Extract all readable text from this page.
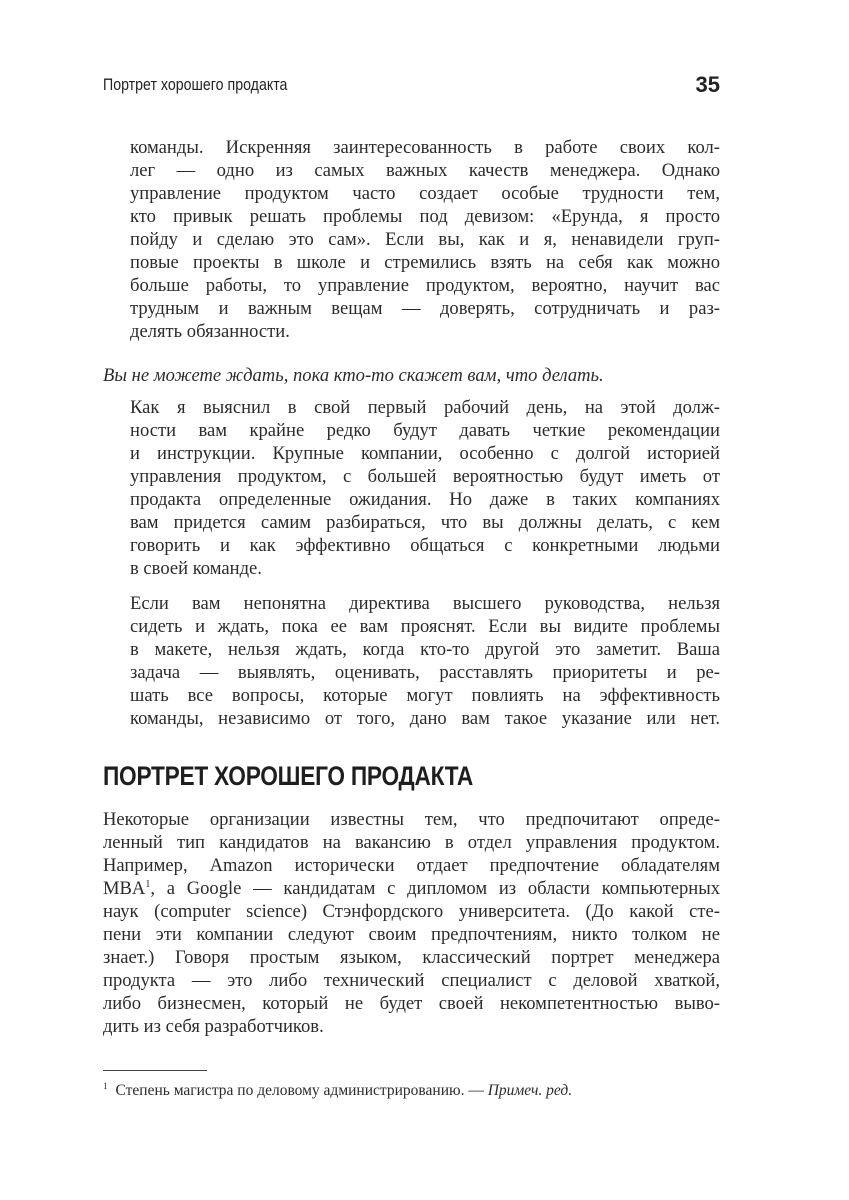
Портрет хорошего продакта	35
команды. Искренняя заинтересованность в работе своих кол-
лег — одно из самых важных качеств менеджера. Однако
управление продуктом часто создает особые трудности тем,
кто привык решать проблемы под девизом: «Ерунда, я просто
пойду и сделаю это сам». Если вы, как и я, ненавидели груп-
повые проекты в школе и стремились взять на себя как можно
больше работы, то управление продуктом, вероятно, научит вас
трудным и важным вещам — доверять, сотрудничать и раз-
делять обязанности.
Вы не можете ждать, пока кто-то скажет вам, что делать.
Как я выяснил в свой первый рабочий день, на этой долж-
ности вам крайне редко будут давать четкие рекомендации
и инструкции. Крупные компании, особенно с долгой историей
управления продуктом, с большей вероятностью будут иметь от
продакта определенные ожидания. Но даже в таких компаниях
вам придется самим разбираться, что вы должны делать, с кем
говорить и как эффективно общаться с конкретными людьми
в своей команде.
Если вам непонятна директива высшего руководства, нельзя
сидеть и ждать, пока ее вам прояснят. Если вы видите проблемы
в макете, нельзя ждать, когда кто-то другой это заметит. Ваша
задача — выявлять, оценивать, расставлять приоритеты и ре-
шать все вопросы, которые могут повлиять на эффективность
команды, независимо от того, дано вам такое указание или нет.
ПОРТРЕТ ХОРОШЕГО ПРОДАКТА
Некоторые организации известны тем, что предпочитают опреде-
ленный тип кандидатов на вакансию в отдел управления продуктом.
Например, Amazon исторически отдает предпочтение обладателям
MBA$^1$, a Google — кандидатам с дипломом из области компьютерных
наук (computer science) Стэнфордского университета. (До какой сте-
пени эти компании следуют своим предпочтениям, никто толком не
знает.) Говоря простым языком, классический портрет менеджера
продукта — это либо технический специалист с деловой хваткой,
либо бизнесмен, который не будет своей некомпетентностью выво-
дить из себя разработчиков.
$^1$ Степень магистра по деловому администрированию. — Примеч. ред.
